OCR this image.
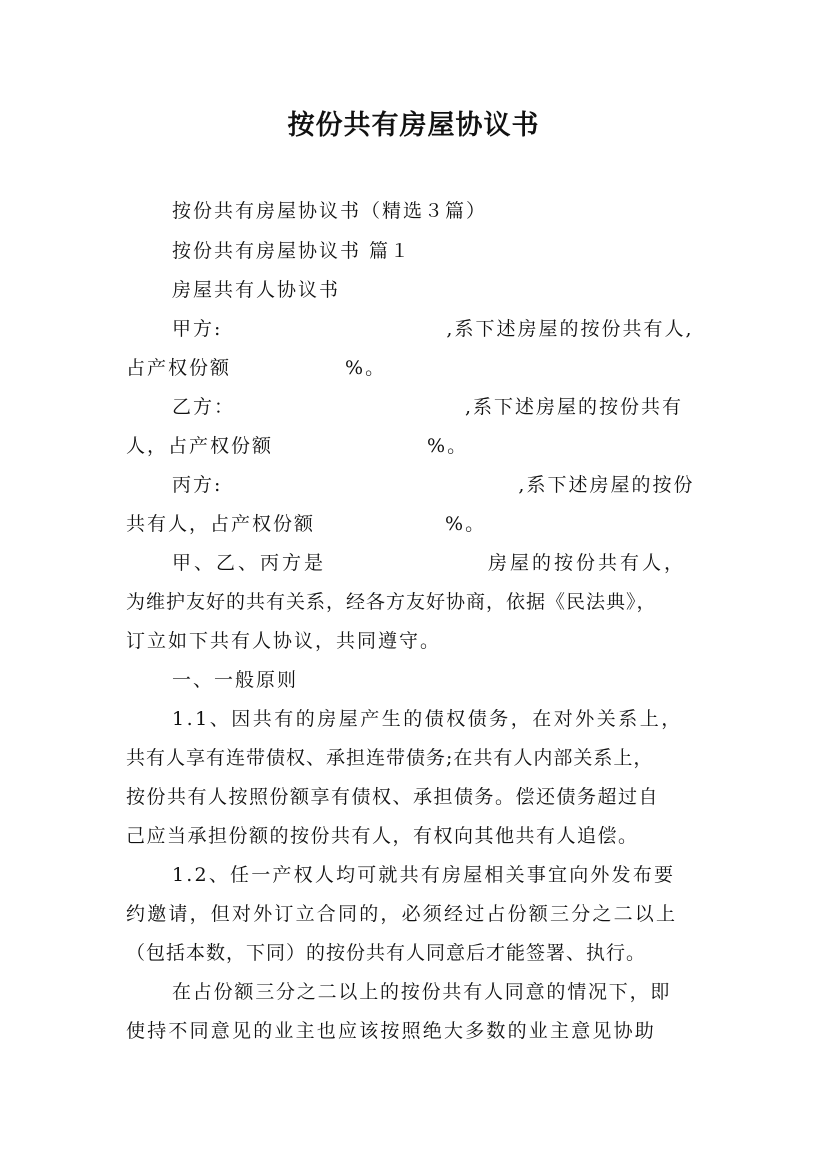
按份共有房屋协议书

按份共有房屋协议书（精选３篇）

按份共有房屋协议书 篇１

房屋共有人协议书

甲方:	,系下述房屋的按份共有人,

占产权份额	%。

乙方：	,系下述房屋的按份共有

人，占产权份额	%。

丙方:	,系下述房屋的按份

共有人，占产权份额	%。

甲、乙、丙方是	房屋的按份共有人，

为维护友好的共有关系，经各方友好协商，依据《民法典》，

订立如下共有人协议，共同遵守。

一、一般原则

1.1、因共有的房屋产生的债权债务，在对外关系上，

共有人享有连带债权、承担连带债务;在共有人内部关系上，

按份共有人按照份额享有债权、承担债务。偿还债务超过自

己应当承担份额的按份共有人，有权向其他共有人追偿。

1.2、任一产权人均可就共有房屋相关事宜向外发布要

约邀请，但对外订立合同的，必须经过占份额三分之二以上

（包括本数，下同）的按份共有人同意后才能签署、执行。

在占份额三分之二以上的按份共有人同意的情况下，即

使持不同意见的业主也应该按照绝大多数的业主意见协助
